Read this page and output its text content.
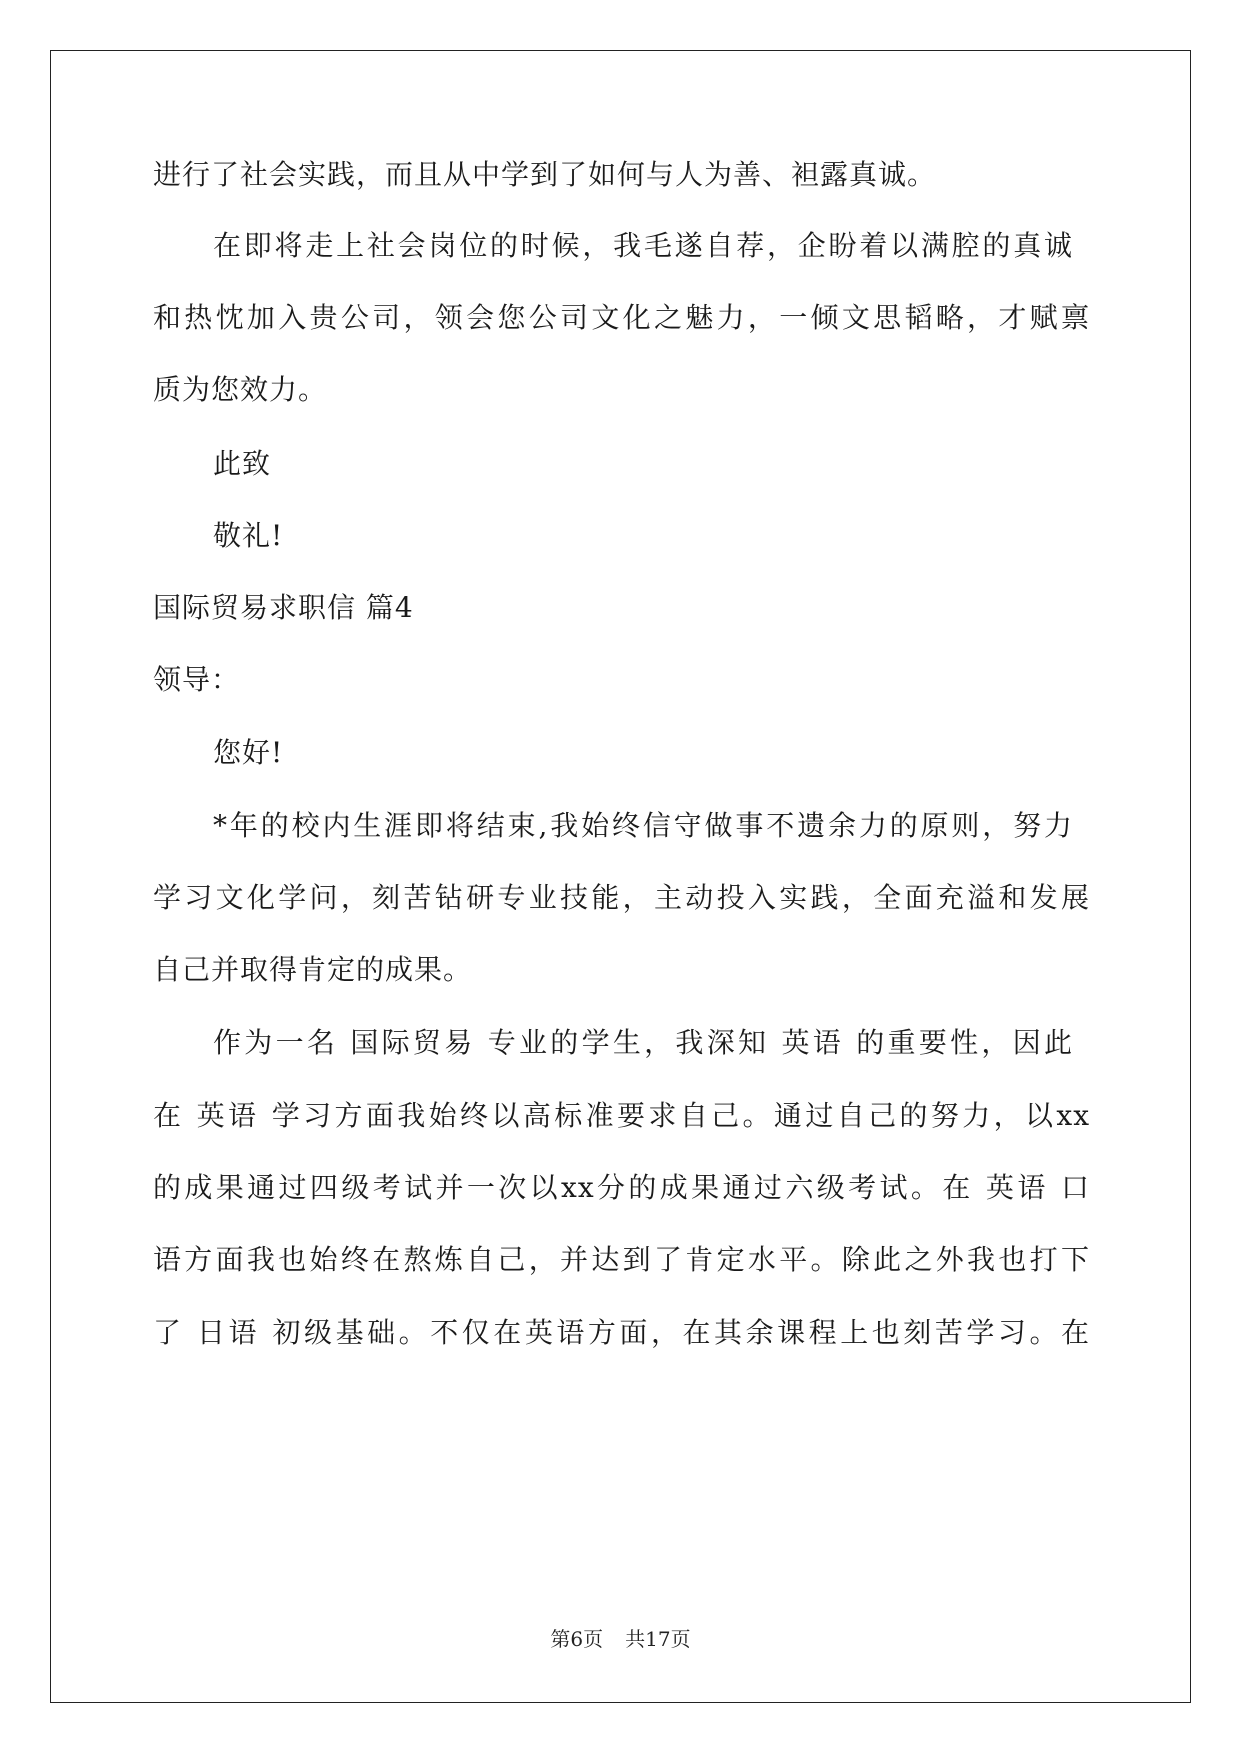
进行了社会实践，而且从中学到了如何与人为善、袒露真诚。
在即将走上社会岗位的时候，我毛遂自荐，企盼着以满腔的真诚
和热忱加入贵公司，领会您公司文化之魅力，一倾文思韬略，才赋禀
质为您效力。
此致
敬礼!
国际贸易求职信 篇4
领导：
您好!
*年的校内生涯即将结束,我始终信守做事不遗余力的原则，努力
学习文化学问，刻苦钻研专业技能，主动投入实践，全面充溢和发展
自己并取得肯定的成果。
作为一名 国际贸易 专业的学生，我深知 英语 的重要性，因此
在 英语 学习方面我始终以高标准要求自己。通过自己的努力，以xx
的成果通过四级考试并一次以xx分的成果通过六级考试。在 英语 口
语方面我也始终在熬炼自己，并达到了肯定水平。除此之外我也打下
了 日语 初级基础。不仅在英语方面，在其余课程上也刻苦学习。在
第6页 共17页
